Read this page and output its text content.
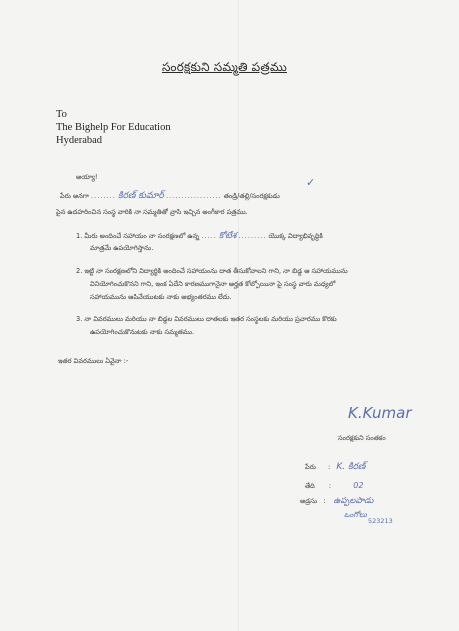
సంరక్షకుని సమ్మతి పత్రము
To
The Bighelp For Education
Hyderabad
అయ్యా!
పేరు అనగా ........ కిరణ్ కుమార్ .................. తండ్రి/తల్లి/సంరక్షకుడు
✓
పైన ఉదహరించిన సంస్థ వారికి నా సమ్మతితో వ్రాసి ఇచ్చిన అంగీకార పత్రము.
1. మీరు అందించే సహాయం నా సంరక్షణలో ఉన్న ..... కోటేశ ......... యొక్క విద్యాభివృద్ధికి
మాత్రమే ఉపయోగిస్తాను.
2. ఇట్టి నా సంరక్షణలోని విద్యార్థికి అందించే సహాయంను దాత తీసుకోవాలని గాని, నా బిడ్డ ఆ సహాయమును
వినియోగించుకొనని గాని, ఇంక ఏదేని కారణముగానైనా అర్హత కోల్పోయినా పై సంస్థ వారు మధ్యలో
సహాయమును ఆపివేయుటకు నాకు అభ్యంతరము లేదు.
3. నా వివరములు మరియు నా బిడ్డల వివరములు దాతలకు ఇతర సంస్థలకు మరియు ప్రచారము కొరకు
ఉపయోగించుకొనుటకు నాకు సమ్మతము.
ఇతర వివరములు ఏవైనా :-
K.Kumar
సంరక్షకుని సంతకం
పేరు : K. కిరణ్
తేది :	02
అడ్రసు : ఉప్పలపాడు
ఒంగోలు
523213
